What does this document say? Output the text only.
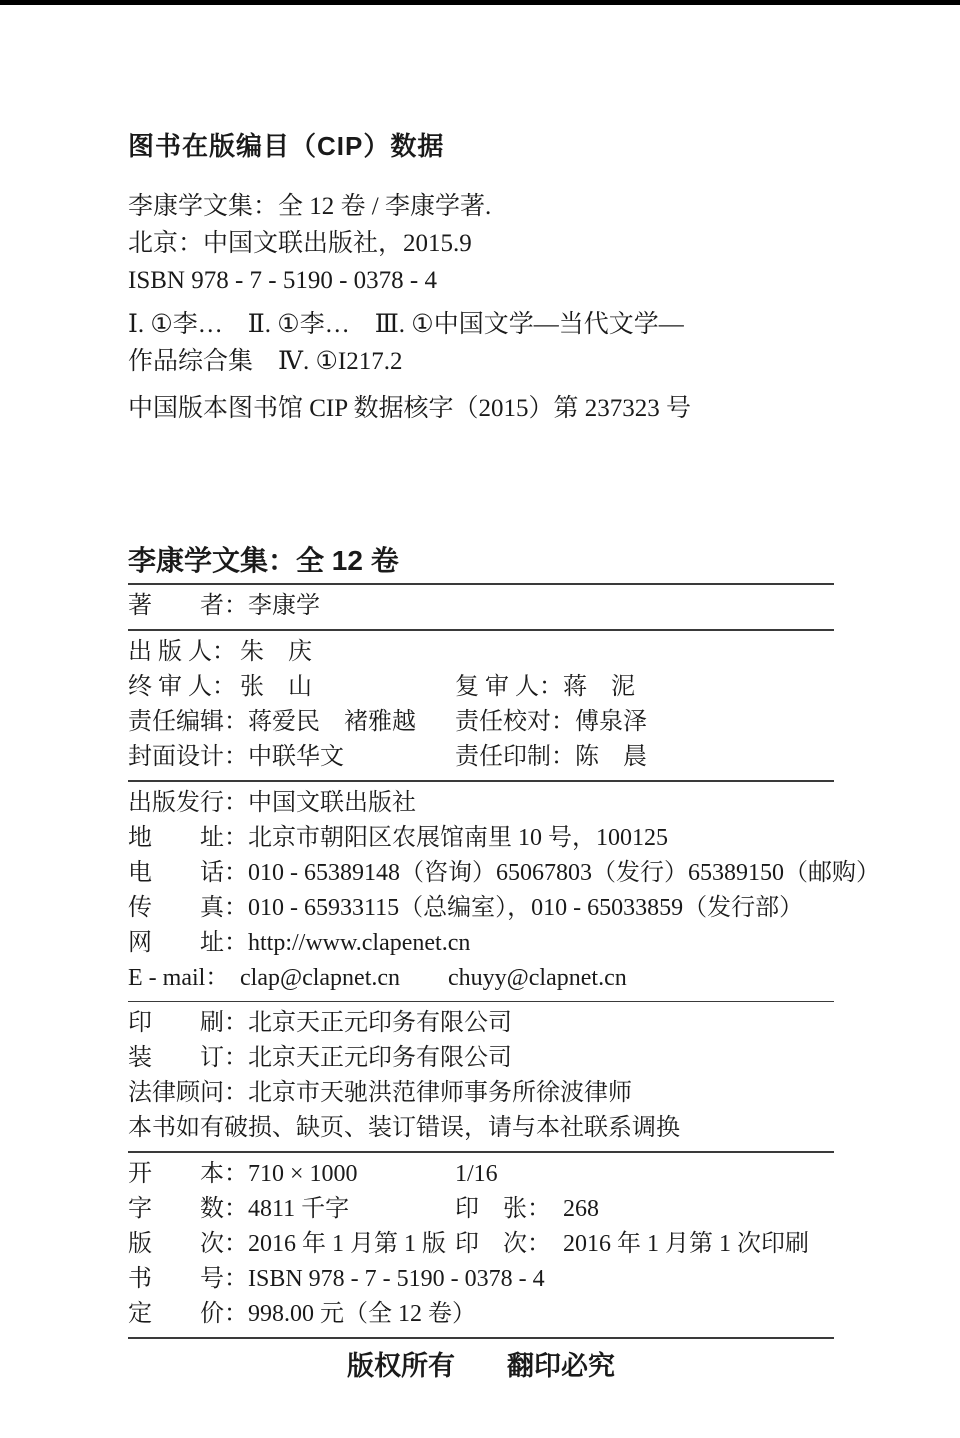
图书在版编目（CIP）数据
李康学文集：全 12 卷 / 李康学著.
北京：中国文联出版社，2015.9
ISBN 978 - 7 - 5190 - 0378 - 4
Ⅰ. ①李…　Ⅱ. ①李…　Ⅲ. ①中国文学—当代文学—
作品综合集　Ⅳ. ①I217.2
中国版本图书馆 CIP 数据核字（2015）第 237323 号
李康学文集：全 12 卷
著　　者：李康学
出 版 人： 朱　庆
终 审 人： 张　山	复 审 人：蒋　泥
责任编辑：蒋爱民　褚雅越	责任校对：傅泉泽
封面设计：中联华文	责任印制：陈　晨
出版发行：中国文联出版社
地　　址：北京市朝阳区农展馆南里 10 号，100125
电　　话：010 - 65389148（咨询）65067803（发行）65389150（邮购）
传　　真：010 - 65933115（总编室），010 - 65033859（发行部）
网　　址：http://www.clapenet.cn
E - mail： clap@clapnet.cn　　chuyy@clapnet.cn
印　　刷：北京天正元印务有限公司
装　　订：北京天正元印务有限公司
法律顾问：北京市天驰洪范律师事务所徐波律师
本书如有破损、缺页、装订错误，请与本社联系调换
开　　本：710 × 1000	1/16
字　　数：4811 千字	印　张： 268
版　　次：2016 年 1 月第 1 版 印　次： 2016 年 1 月第 1 次印刷
书　　号：ISBN 978 - 7 - 5190 - 0378 - 4
定　　价：998.00 元（全 12 卷）
版权所有 翻印必究
